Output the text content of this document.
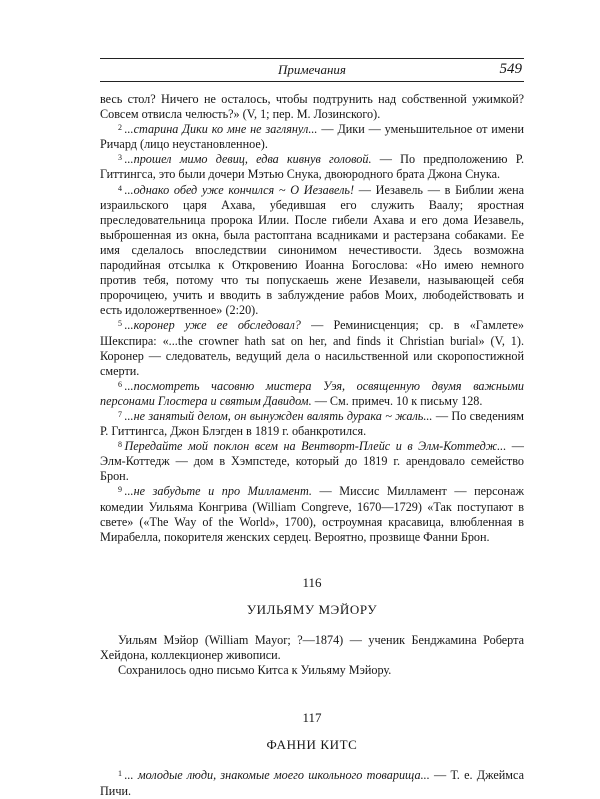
Примечания	549

весь стол? Ничего не осталось, чтобы подтрунить над собственной ужимкой? Совсем отвисла челюсть?» (V, 1; пер. М. Лозинского).

$^2$  ...старина Дики ко мне не заглянул... — Дики — уменьшительное от имени Ричард (лицо неустановленное).

$^3$  ...прошел мимо девиц, едва кивнув головой. — По предположению Р. Гиттингса, это были дочери Мэтью Снука, двоюродного брата Джона Снука.

$^4$  ...однако обед уже кончился ~ О Иезавель! — Иезавель — в Библии жена израильского царя Ахава, убедившая его служить Ваалу; яростная преследовательница пророка Илии. После гибели Ахава и его дома Иезавель, выброшенная из окна, была растоптана всадниками и растерзана собаками. Ее имя сделалось впоследствии синонимом нечестивости. Здесь возможна пародийная отсылка к Откровению Иоанна Богослова: «Но имею немного против тебя, потому что ты попускаешь жене Иезавели, называющей себя пророчицею, учить и вводить в заблуждение рабов Моих, любодействовать и есть идоложертвенное» (2:20).

$^5$  ...коронер уже ее обследовал? — Реминисценция; ср. в «Гамлете» Шекспира: «...the crowner hath sat on her, and finds it Christian burial» (V, 1). Коронер — следователь, ведущий дела о насильственной или скоропостижной смерти.

$^6$  ...посмотреть часовню мистера Уэя, освященную двумя важными персонами Глостера и святым Давидом. — См. примеч. 10 к письму 128.

$^7$  ...не занятый делом, он вынужден валять дурака ~ жаль... — По сведениям Р. Гиттингса, Джон Блэгден в 1819 г. обанкротился.

$^8$  Передайте мой поклон всем на Вентворт-Плейс и в Элм-Коттедж... — Элм-Коттедж — дом в Хэмпстеде, который до 1819 г. арендовало семейство Брон.

$^9$  ...не забудьте и про Милламент. — Миссис Милламент — персонаж комедии Уильяма Конгрива (William Congreve, 1670—1729) «Так поступают в свете» («The Way of the World», 1700), остроумная красавица, влюбленная в Мирабелла, покорителя женских сердец. Вероятно, прозвище Фанни Брон.

116

УИЛЬЯМУ МЭЙОРУ

Уильям Мэйор (William Mayor; ?—1874) — ученик Бенджамина Роберта Хейдона, коллекционер живописи.

Сохранилось одно письмо Китса к Уильяму Мэйору.

117

ФАННИ КИТС

$^1$  ... молодые люди, знакомые моего школьного товарища... — Т. е. Джеймса Пичи.
